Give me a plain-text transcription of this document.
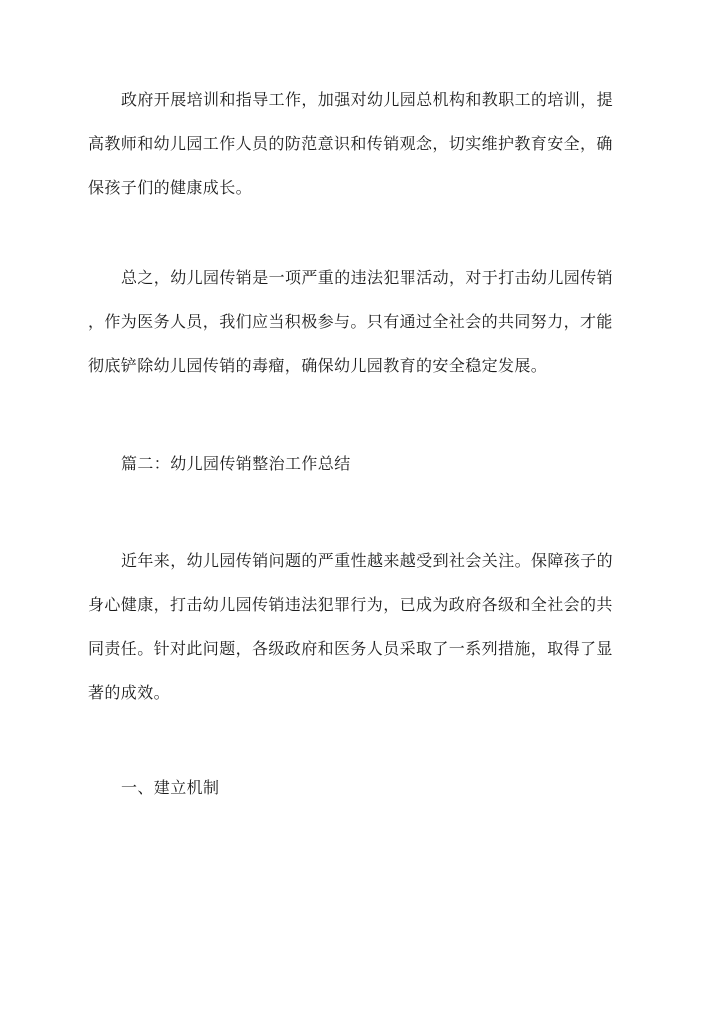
政府开展培训和指导工作，加强对幼儿园总机构和教职工的培训，提
高教师和幼儿园工作人员的防范意识和传销观念，切实维护教育安全，确
保孩子们的健康成长。
总之，幼儿园传销是一项严重的违法犯罪活动，对于打击幼儿园传销
，作为医务人员，我们应当积极参与。只有通过全社会的共同努力，才能
彻底铲除幼儿园传销的毒瘤，确保幼儿园教育的安全稳定发展。
篇二：幼儿园传销整治工作总结
近年来，幼儿园传销问题的严重性越来越受到社会关注。保障孩子的
身心健康，打击幼儿园传销违法犯罪行为，已成为政府各级和全社会的共
同责任。针对此问题，各级政府和医务人员采取了一系列措施，取得了显
著的成效。
一、建立机制
